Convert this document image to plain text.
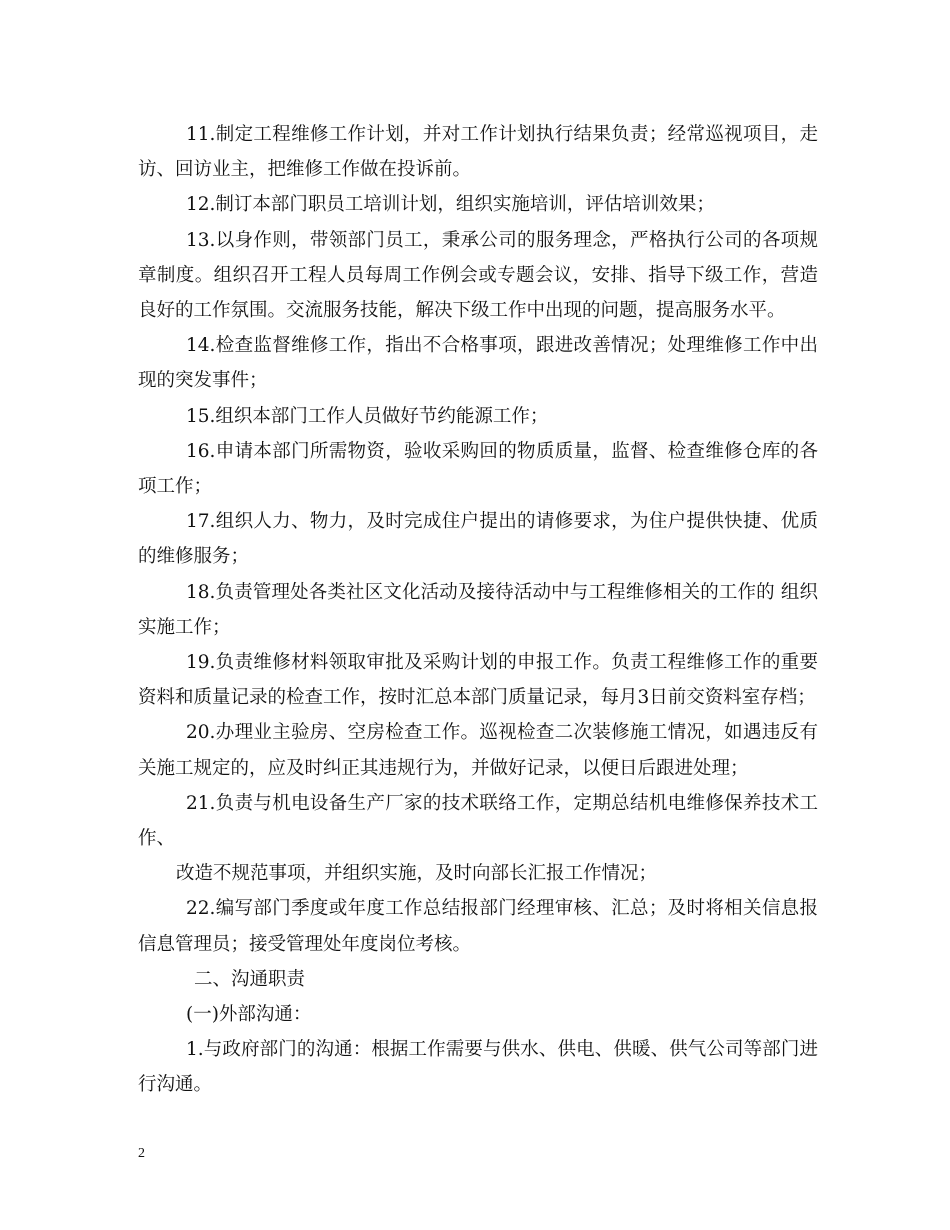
11.制定工程维修工作计划，并对工作计划执行结果负责；经常巡视项目，走访、回访业主，把维修工作做在投诉前。

12.制订本部门职员工培训计划，组织实施培训，评估培训效果；

13.以身作则，带领部门员工，秉承公司的服务理念，严格执行公司的各项规章制度。组织召开工程人员每周工作例会或专题会议，安排、指导下级工作，营造良好的工作氛围。交流服务技能，解决下级工作中出现的问题，提高服务水平。

14.检查监督维修工作，指出不合格事项，跟进改善情况；处理维修工作中出现的突发事件；

15.组织本部门工作人员做好节约能源工作；

16.申请本部门所需物资，验收采购回的物质质量，监督、检查维修仓库的各项工作；

17.组织人力、物力，及时完成住户提出的请修要求，为住户提供快捷、优质的维修服务；

18.负责管理处各类社区文化活动及接待活动中与工程维修相关的工作的 组织实施工作；

19.负责维修材料领取审批及采购计划的申报工作。负责工程维修工作的重要资料和质量记录的检查工作，按时汇总本部门质量记录，每月3日前交资料室存档；

20.办理业主验房、空房检查工作。巡视检查二次装修施工情况，如遇违反有关施工规定的，应及时纠正其违规行为，并做好记录，以便日后跟进处理；

21.负责与机电设备生产厂家的技术联络工作，定期总结机电维修保养技术工作、

改造不规范事项，并组织实施，及时向部长汇报工作情况；

22.编写部门季度或年度工作总结报部门经理审核、汇总；及时将相关信息报信息管理员；接受管理处年度岗位考核。

二、沟通职责

(一)外部沟通：

1.与政府部门的沟通：根据工作需要与供水、供电、供暖、供气公司等部门进行沟通。

2
